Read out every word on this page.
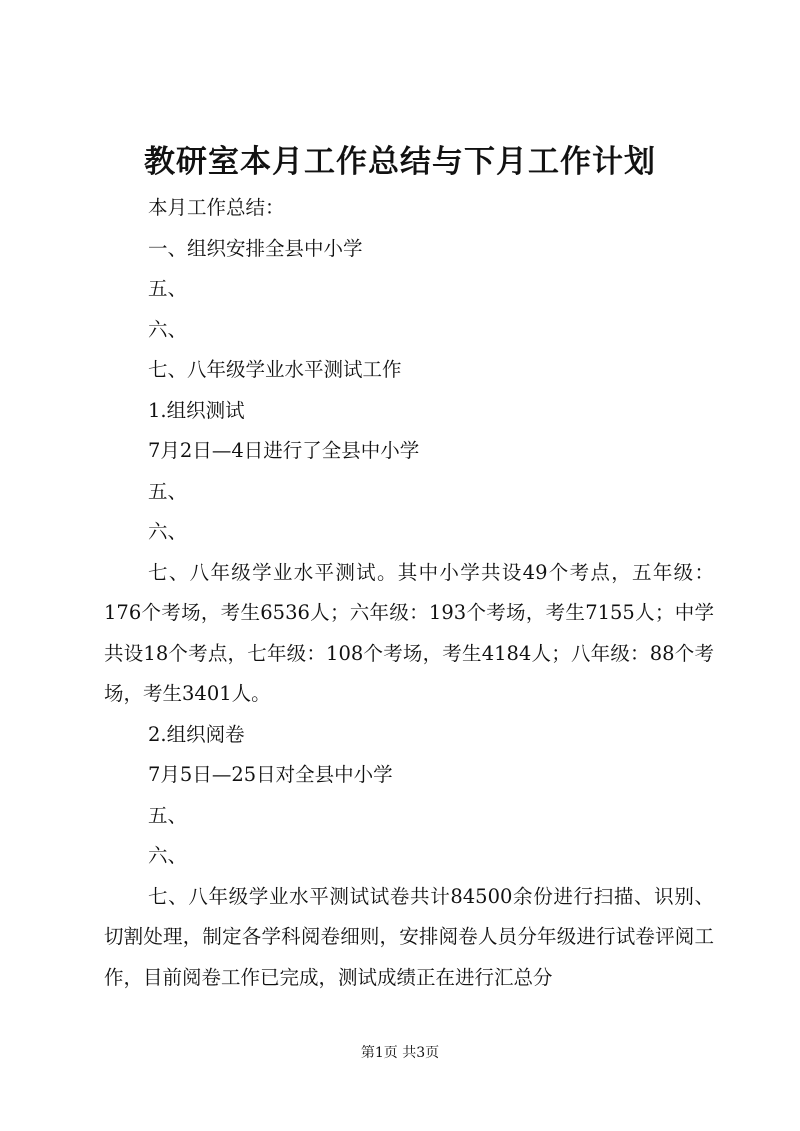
教研室本月工作总结与下月工作计划

本月工作总结：

一、组织安排全县中小学

五、

六、

七、八年级学业水平测试工作

1.组织测试

7月2日—4日进行了全县中小学

五、

六、

七、八年级学业水平测试。其中小学共设49个考点，五年级：176个考场，考生6536人；六年级：193个考场，考生7155人；中学共设18个考点，七年级：108个考场，考生4184人；八年级：88个考场，考生3401人。

2.组织阅卷

7月5日—25日对全县中小学

五、

六、

七、八年级学业水平测试试卷共计84500余份进行扫描、识别、切割处理，制定各学科阅卷细则，安排阅卷人员分年级进行试卷评阅工作，目前阅卷工作已完成，测试成绩正在进行汇总分

第1页 共3页
